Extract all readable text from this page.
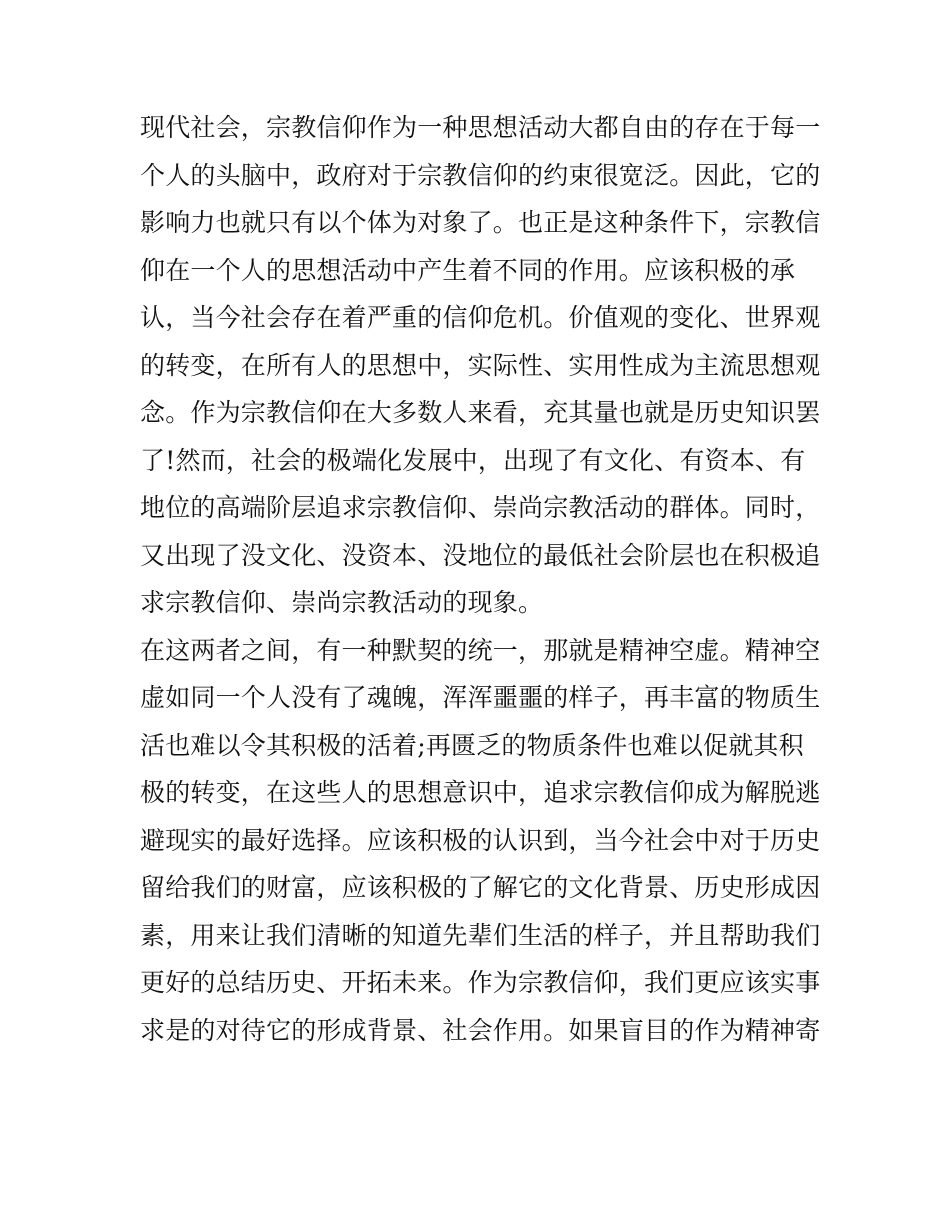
现代社会，宗教信仰作为一种思想活动大都自由的存在于每一
个人的头脑中，政府对于宗教信仰的约束很宽泛。因此，它的
影响力也就只有以个体为对象了。也正是这种条件下，宗教信
仰在一个人的思想活动中产生着不同的作用。应该积极的承
认，当今社会存在着严重的信仰危机。价值观的变化、世界观
的转变，在所有人的思想中，实际性、实用性成为主流思想观
念。作为宗教信仰在大多数人来看，充其量也就是历史知识罢
了!然而，社会的极端化发展中，出现了有文化、有资本、有
地位的高端阶层追求宗教信仰、崇尚宗教活动的群体。同时，
又出现了没文化、没资本、没地位的最低社会阶层也在积极追
求宗教信仰、崇尚宗教活动的现象。
在这两者之间，有一种默契的统一，那就是精神空虚。精神空
虚如同一个人没有了魂魄，浑浑噩噩的样子，再丰富的物质生
活也难以令其积极的活着;再匮乏的物质条件也难以促就其积
极的转变，在这些人的思想意识中，追求宗教信仰成为解脱逃
避现实的最好选择。应该积极的认识到，当今社会中对于历史
留给我们的财富，应该积极的了解它的文化背景、历史形成因
素，用来让我们清晰的知道先辈们生活的样子，并且帮助我们
更好的总结历史、开拓未来。作为宗教信仰，我们更应该实事
求是的对待它的形成背景、社会作用。如果盲目的作为精神寄
